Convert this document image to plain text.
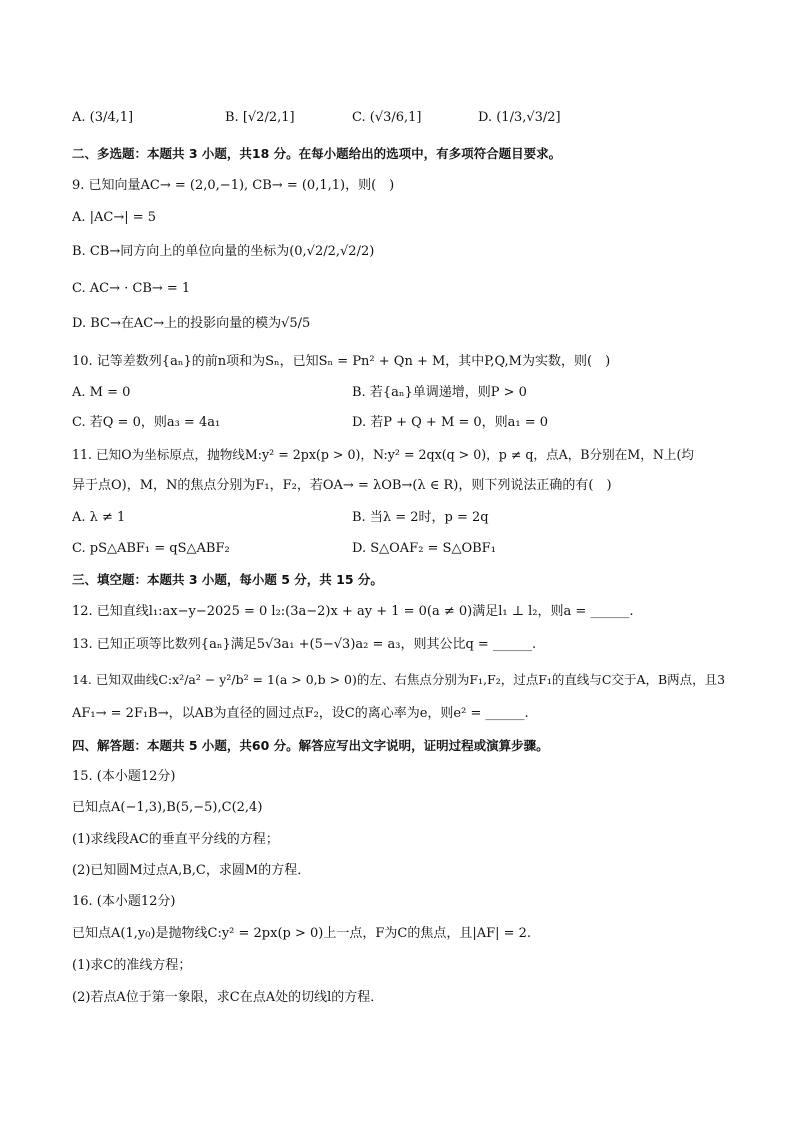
A. (3/4,1]	B. [√2/2,1]	C. (√3/6,1]	D. (1/3,√3/2]
二、多选题：本题共 3 小题，共18 分。在每小题给出的选项中，有多项符合题目要求。
9. 已知向量AC→ = (2,0,−1), CB→ = (0,1,1)，则(　)
A. |AC→| = 5
B. CB→同方向上的单位向量的坐标为(0,√2/2,√2/2)
C. AC→ · CB→ = 1
D. BC→在AC→上的投影向量的模为√5/5
10. 记等差数列{aₙ}的前n项和为Sₙ，已知Sₙ = Pn² + Qn + M，其中P,Q,M为实数，则(　)
A. M = 0	B. 若{aₙ}单调递增，则P > 0
C. 若Q = 0，则a₃ = 4a₁	D. 若P + Q + M = 0，则a₁ = 0
11. 已知O为坐标原点，抛物线M:y² = 2px(p > 0)，N:y² = 2qx(q > 0)，p ≠ q，点A，B分别在M，N上(均
异于点O)，M，N的焦点分别为F₁，F₂，若OA→ = λOB→(λ ∈ R)，则下列说法正确的有(　)
A. λ ≠ 1	B. 当λ = 2时，p = 2q
C. pS△ABF₁ = qS△ABF₂	D. S△OAF₂ = S△OBF₁
三、填空题：本题共 3 小题，每小题 5 分，共 15 分。
12. 已知直线l₁:ax−y−2025 = 0 l₂:(3a−2)x + ay + 1 = 0(a ≠ 0)满足l₁ ⊥ l₂，则a = ______.
13. 已知正项等比数列{aₙ}满足5√3a₁ +(5−√3)a₂ = a₃，则其公比q = ______.
14. 已知双曲线C:x²/a² − y²/b² = 1(a > 0,b > 0)的左、右焦点分别为F₁,F₂，过点F₁的直线与C交于A，B两点，且3
AF₁→ = 2F₁B→，以AB为直径的圆过点F₂，设C的离心率为e，则e² = ______.
四、解答题：本题共 5 小题，共60 分。解答应写出文字说明，证明过程或演算步骤。
15. (本小题12分)
已知点A(−1,3),B(5,−5),C(2,4)
(1)求线段AC的垂直平分线的方程；
(2)已知圆M过点A,B,C，求圆M的方程．
16. (本小题12分)
已知点A(1,y₀)是抛物线C:y² = 2px(p > 0)上一点，F为C的焦点，且|AF| = 2.
(1)求C的准线方程；
(2)若点A位于第一象限，求C在点A处的切线l的方程．
